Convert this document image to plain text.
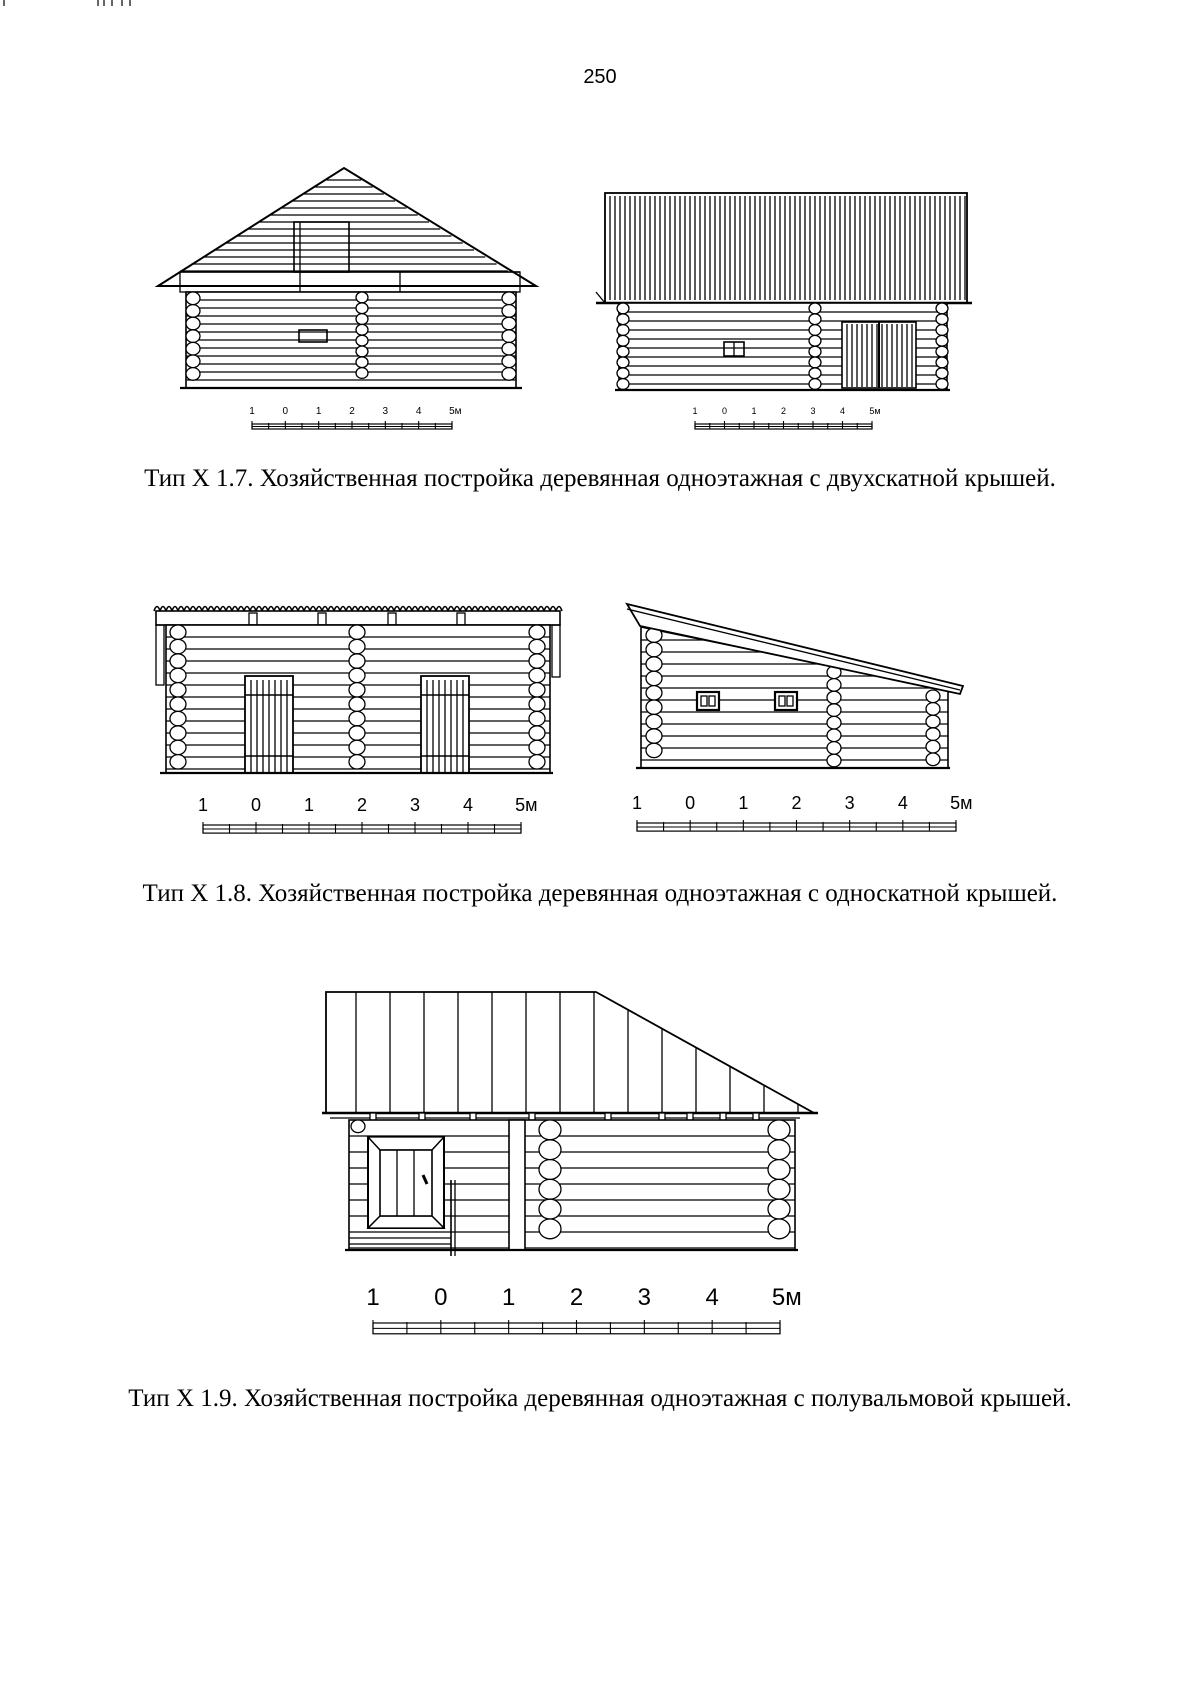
250
1	0	1	2	3	4	5м	1	0	1	2	3	4	5м
Тип Х 1.7. Хозяйственная постройка деревянная одноэтажная с двухскатной крышей.
1 0 1 2 3 4 5м	1 0 1 2 3 4 5м
Тип Х 1.8. Хозяйственная постройка деревянная одноэтажная с односкатной крышей.
1 0 1 2 3 4 5м
Тип Х 1.9. Хозяйственная постройка деревянная одноэтажная с полувальмовой крышей.
